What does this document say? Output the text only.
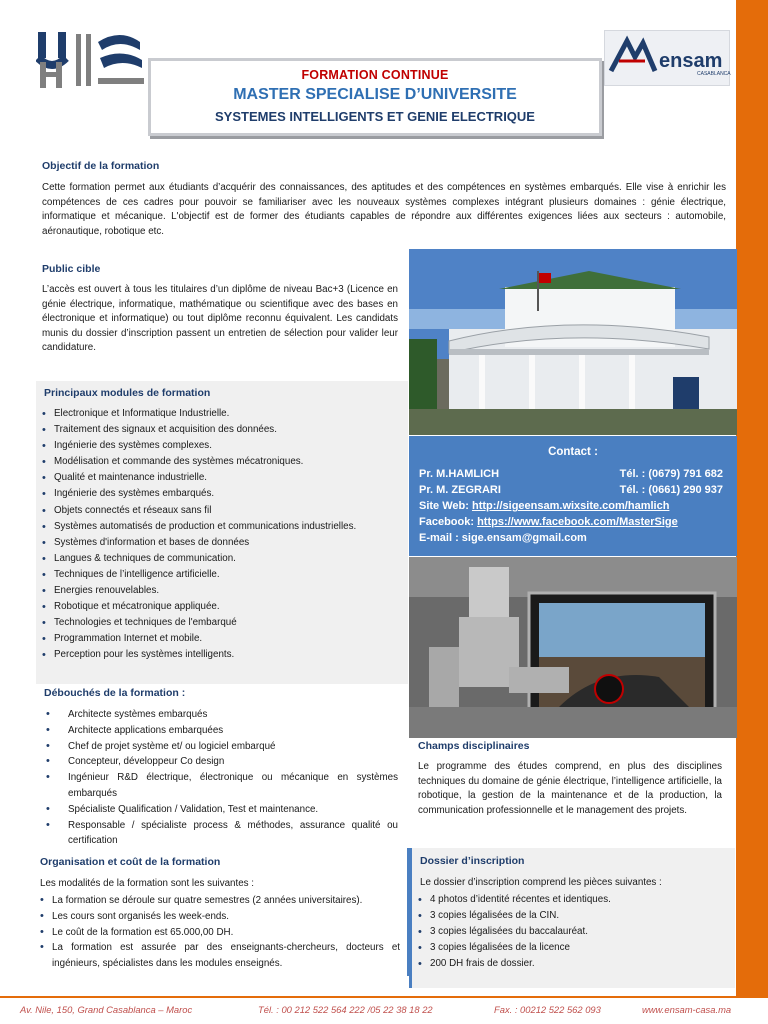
ensam
CASABLANCA
FORMATION CONTINUE
MASTER SPECIALISE D’UNIVERSITE
SYSTEMES INTELLIGENTS ET GENIE ELECTRIQUE
Objectif de la formation
Cette formation permet aux étudiants d’acquérir des connaissances, des aptitudes et des compétences en systèmes embarqués. Elle vise à enrichir les compétences de ces cadres pour pouvoir se familiariser avec les nouveaux systèmes complexes intégrant plusieurs domaines : génie électrique, informatique et mécanique. L'objectif est de former des étudiants capables de répondre aux différentes exigences liées aux secteurs : automobile, aéronautique, robotique etc.
Public cible
L’accès est ouvert à tous les titulaires d’un diplôme de niveau Bac+3 (Licence en génie électrique, informatique, mathématique ou scientifique avec des bases en électronique et informatique) ou tout diplôme reconnu équivalent. Les candidats munis du dossier d’inscription passent un entretien de sélection pour valider leur candidature.
Principaux modules de formation
• Electronique et Informatique Industrielle.
• Traitement des signaux et acquisition des données.
• Ingénierie des systèmes complexes.
• Modélisation et commande des systèmes mécatroniques.
• Qualité et maintenance industrielle.
• Ingénierie des systèmes embarqués.
• Objets connectés et réseaux sans fil
• Systèmes automatisés de production et communications industrielles.
• Systèmes d'information et bases de données
• Langues & techniques de communication.
• Techniques de l’intelligence artificielle.
• Energies renouvelables.
• Robotique et mécatronique appliquée.
• Technologies et techniques de l'embarqué
• Programmation Internet et mobile.
• Perception pour les systèmes intelligents.
Débouchés de la formation :
• Architecte systèmes embarqués
• Architecte applications embarquées
• Chef de projet système et/ ou logiciel embarqué
• Concepteur, développeur Co design
• Ingénieur R&D électrique, électronique ou mécanique en systèmes embarqués
• Spécialiste Qualification / Validation, Test et maintenance.
• Responsable / spécialiste process & méthodes, assurance qualité ou certification
Organisation et coût de la formation
Les modalités de la formation sont les suivantes :
• La formation se déroule sur quatre semestres (2 années universitaires).
• Les cours sont organisés les week-ends.
• Le coût de la formation est 65.000,00 DH.
• La formation est assurée par des enseignants-chercheurs, docteurs et ingénieurs, spécialistes dans les modules enseignés.
Contact :
Pr. M.HAMLICH	Tél. : (0679) 791 682
Pr. M. ZEGRARI	Tél. : (0661) 290 937
Site Web: http://sigeensam.wixsite.com/hamlich
Facebook: https://www.facebook.com/MasterSige
E-mail : sige.ensam@gmail.com
Champs disciplinaires
Le programme des études comprend, en plus des disciplines techniques du domaine de génie électrique, l’intelligence artificielle, la robotique, la gestion de la maintenance et de la production, la communication professionnelle et le management des projets.
Dossier d’inscription
Le dossier d’inscription comprend les pièces suivantes :
• 4 photos d’identité récentes et identiques.
• 3 copies légalisées de la CIN.
• 3 copies légalisées du baccalauréat.
• 3 copies légalisées de la licence
• 200 DH frais de dossier.
Av. Nile, 150, Grand Casablanca – Maroc	Tél. : 00 212 522 564 222 /05 22 38 18 22	Fax. : 00212 522 562 093	www.ensam-casa.ma
